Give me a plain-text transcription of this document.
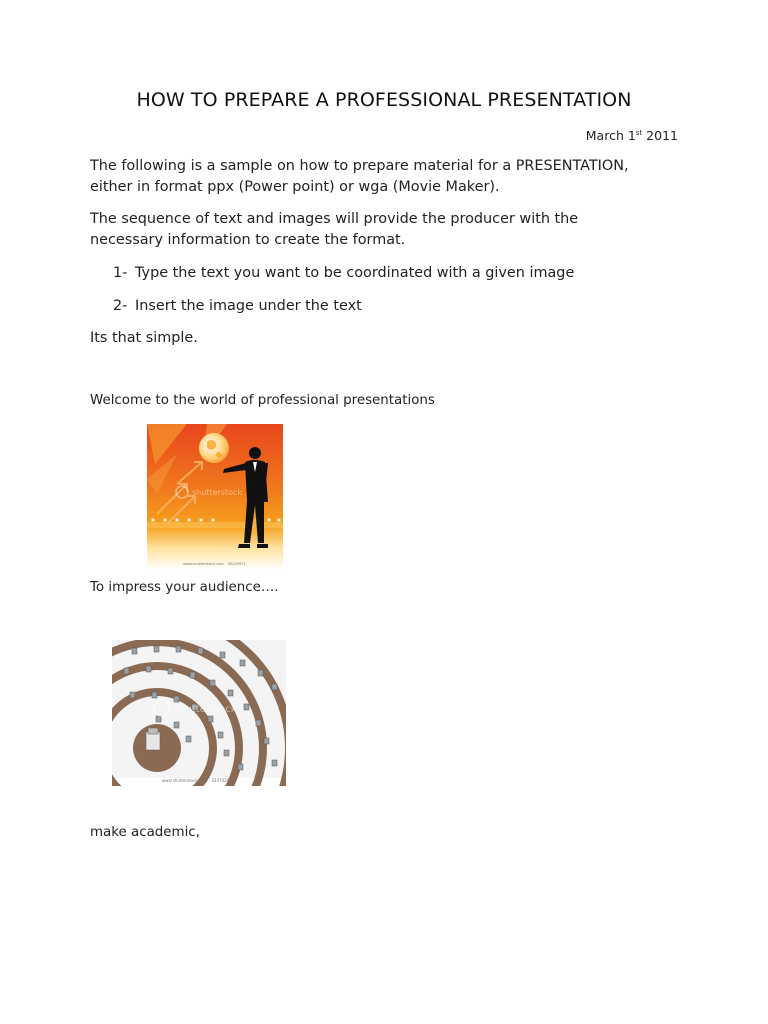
HOW TO PREPARE A PROFESSIONAL PRESENTATION
March 1st 2011
The following is a sample on how to prepare material for a PRESENTATION,
either in format ppx (Power point) or wga (Movie Maker).
The sequence of text and images will provide the producer with the
necessary information to create the format.
1- Type the text you want to be coordinated with a given image
2- Insert the image under the text
Its that simple.
Welcome to the world of professional presentations
shutterstock
www.shutterstock.com · 36109972
To impress your audience….
shutterstock
www.shutterstock.com · 3347024
make academic,
